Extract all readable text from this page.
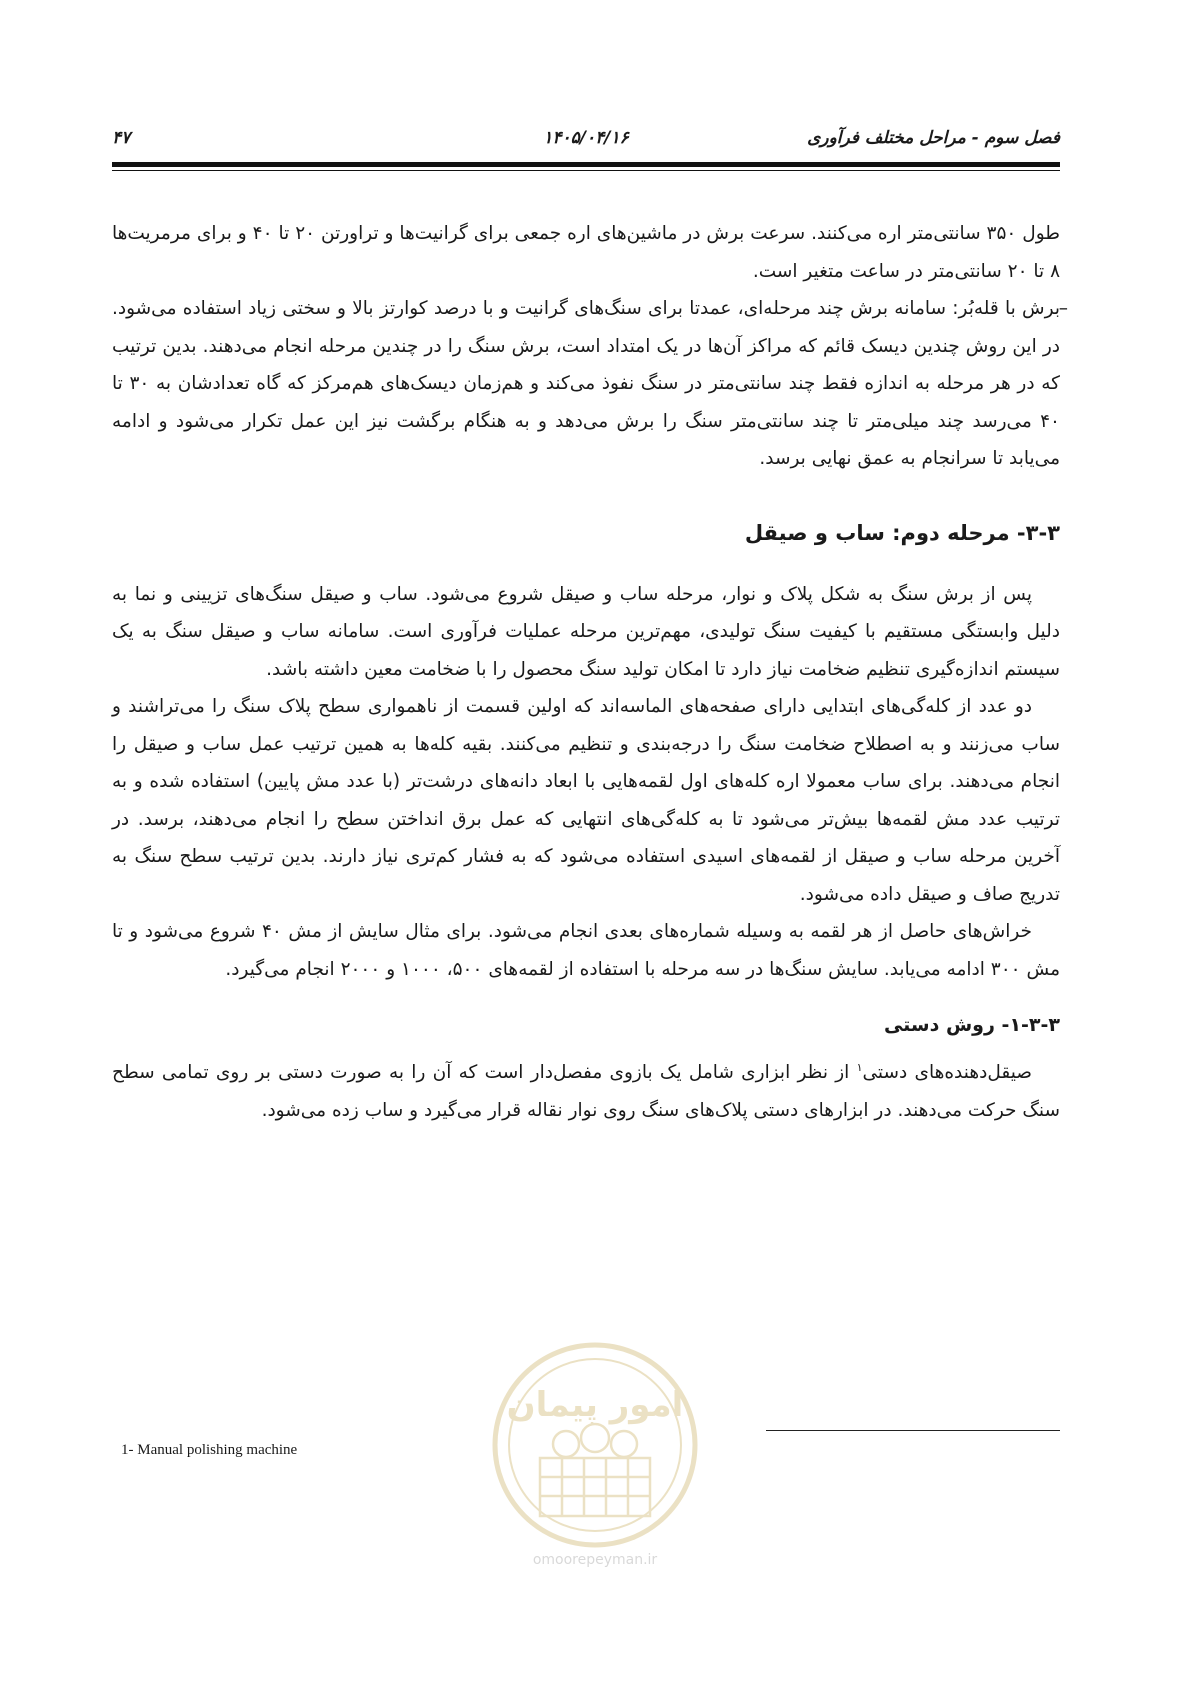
فصل سوم - مراحل مختلف فرآوری
۱۴۰۵/۰۴/۱۶
۴۷

طول ۳۵۰ سانتی‌متر اره می‌کنند. سرعت برش در ماشین‌های اره جمعی برای گرانیت‌ها و تراورتن ۲۰ تا ۴۰ و برای مرمریت‌ها ۸ تا ۲۰ سانتی‌متر در ساعت متغیر است.

–
برش با قله‌بُر: سامانه برش چند مرحله‌ای، عمدتا برای سنگ‌های گرانیت و با درصد کوارتز بالا و سختی زیاد استفاده می‌شود. در این روش چندین دیسک قائم که مراکز آن‌ها در یک امتداد است، برش سنگ را در چندین مرحله انجام می‌دهند. بدین ترتیب که در هر مرحله به اندازه فقط چند سانتی‌متر در سنگ نفوذ می‌کند و هم‌زمان دیسک‌های هم‌مرکز که گاه تعدادشان به ۳۰ تا ۴۰ می‌رسد چند میلی‌متر تا چند سانتی‌متر سنگ را برش می‌دهد و به هنگام برگشت نیز این عمل تکرار می‌شود و ادامه می‌یابد تا سرانجام به عمق نهایی برسد.

۳-۳- مرحله دوم: ساب و صیقل

پس از برش سنگ به شکل پلاک و نوار، مرحله ساب و صیقل شروع می‌شود. ساب و صیقل سنگ‌های تزیینی و نما به دلیل وابستگی مستقیم با کیفیت سنگ تولیدی، مهم‌ترین مرحله عملیات فرآوری است. سامانه ساب و صیقل سنگ به یک سیستم اندازه‌گیری تنظیم ضخامت نیاز دارد تا امکان تولید سنگ محصول را با ضخامت معین داشته باشد.

دو عدد از کله‌گی‌های ابتدایی دارای صفحه‌های الماسه‌اند که اولین قسمت از ناهمواری سطح پلاک سنگ را می‌تراشند و ساب می‌زنند و به اصطلاح ضخامت سنگ را درجه‌بندی و تنظیم می‌کنند. بقیه کله‌ها به همین ترتیب عمل ساب و صیقل را انجام می‌دهند. برای ساب معمولا اره کله‌های اول لقمه‌هایی با ابعاد دانه‌های درشت‌تر (با عدد مش پایین) استفاده شده و به ترتیب عدد مش لقمه‌ها بیش‌تر می‌شود تا به کله‌گی‌های انتهایی که عمل برق انداختن سطح را انجام می‌دهند، برسد. در آخرین مرحله ساب و صیقل از لقمه‌های اسیدی استفاده می‌شود که به فشار کم‌تری نیاز دارند. بدین ترتیب سطح سنگ به تدریج صاف و صیقل داده می‌شود.

خراش‌های حاصل از هر لقمه به وسیله شماره‌های بعدی انجام می‌شود. برای مثال سایش از مش ۴۰ شروع می‌شود و تا مش ۳۰۰ ادامه می‌یابد. سایش سنگ‌ها در سه مرحله با استفاده از لقمه‌های ۵۰۰، ۱۰۰۰ و ۲۰۰۰ انجام می‌گیرد.

۱-۳-۳- روش دستی

صیقل‌دهنده‌های دستی$^۱$ از نظر ابزاری شامل یک بازوی مفصل‌دار است که آن را به صورت دستی بر روی تمامی سطح سنگ حرکت می‌دهند. در ابزارهای دستی پلاک‌های سنگ روی نوار نقاله قرار می‌گیرد و ساب زده می‌شود.

امور پیمان
omoorepeyman.ir
1- Manual polishing machine
